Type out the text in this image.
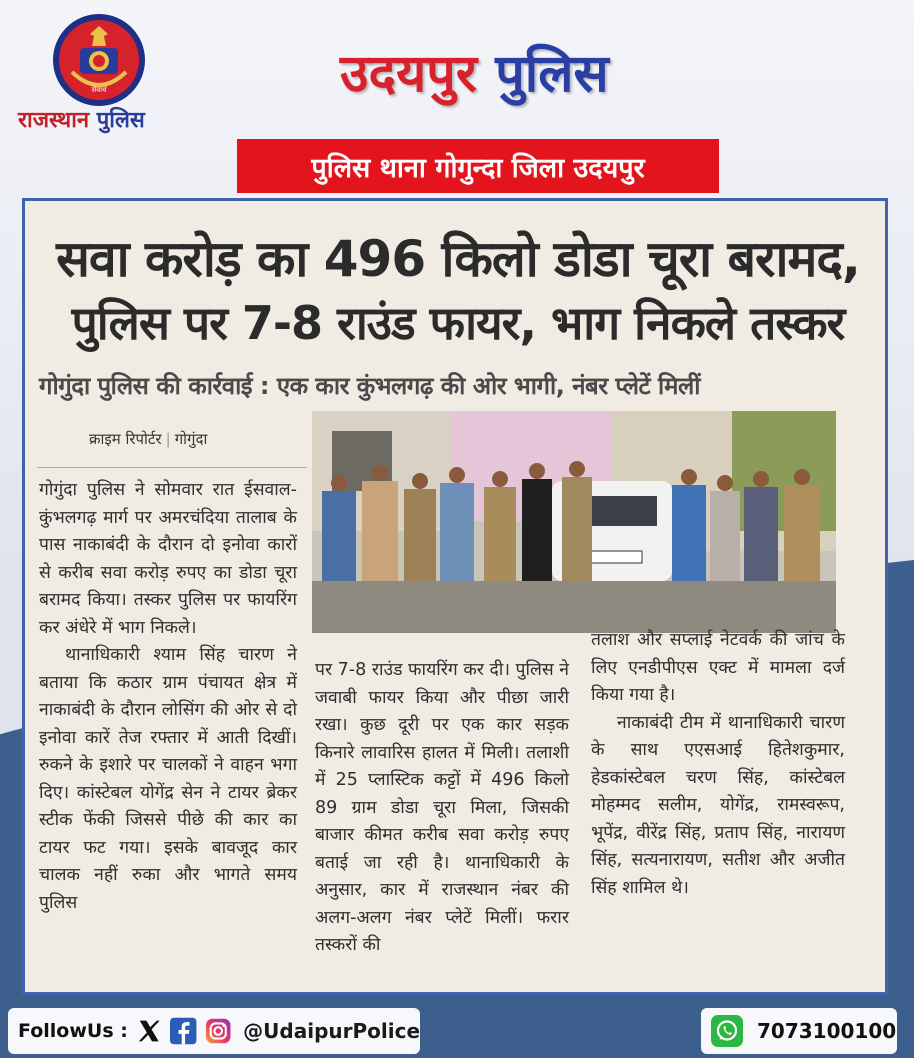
सेवार्थ
राजस्थान पुलिस
उदयपुर पुलिस
पुलिस थाना गोगुन्दा जिला उदयपुर
सवा करोड़ का 496 किलो डोडा चूरा बरामद,
पुलिस पर 7-8 राउंड फायर, भाग निकले तस्कर
गोगुंदा पुलिस की कार्रवाई : एक कार कुंभलगढ़ की ओर भागी, नंबर प्लेटें मिलीं
क्राइम रिपोर्टर | गोगुंदा

गोगुंदा पुलिस ने सोमवार रात ईसवाल-कुंभलगढ़ मार्ग पर अमरचंदिया तालाब के पास नाकाबंदी के दौरान दो इनोवा कारों से करीब सवा करोड़ रुपए का डोडा चूरा बरामद किया। तस्कर पुलिस पर फायरिंग कर अंधेरे में भाग निकले।

थानाधिकारी श्याम सिंह चारण ने बताया कि कठार ग्राम पंचायत क्षेत्र में नाकाबंदी के दौरान लोसिंग की ओर से दो इनोवा कारें तेज रफ्तार में आती दिखीं। रुकने के इशारे पर चालकों ने वाहन भगा दिए। कांस्टेबल योगेंद्र सेन ने टायर ब्रेकर स्टीक फेंकी जिससे पीछे की कार का टायर फट गया। इसके बावजूद कार चालक नहीं रुका और भागते समय पुलिस

पर 7-8 राउंड फायरिंग कर दी। पुलिस ने जवाबी फायर किया और पीछा जारी रखा। कुछ दूरी पर एक कार सड़क किनारे लावारिस हालत में मिली। तलाशी में 25 प्लास्टिक कट्टों में 496 किलो 89 ग्राम डोडा चूरा मिला, जिसकी बाजार कीमत करीब सवा करोड़ रुपए बताई जा रही है। थानाधिकारी के अनुसार, कार में राजस्थान नंबर की अलग-अलग नंबर प्लेटें मिलीं। फरार तस्करों की

तलाश और सप्लाई नेटवर्क की जांच के लिए एनडीपीएस एक्ट में मामला दर्ज किया गया है।

नाकाबंदी टीम में थानाधिकारी चारण के साथ एएसआई हितेशकुमार, हेडकांस्टेबल चरण सिंह, कांस्टेबल मोहम्मद सलीम, योगेंद्र, रामस्वरूप, भूपेंद्र, वीरेंद्र सिंह, प्रताप सिंह, नारायण सिंह, सत्यनारायण, सतीश और अजीत सिंह शामिल थे।

FollowUs :	@UdaipurPolice	7073100100
